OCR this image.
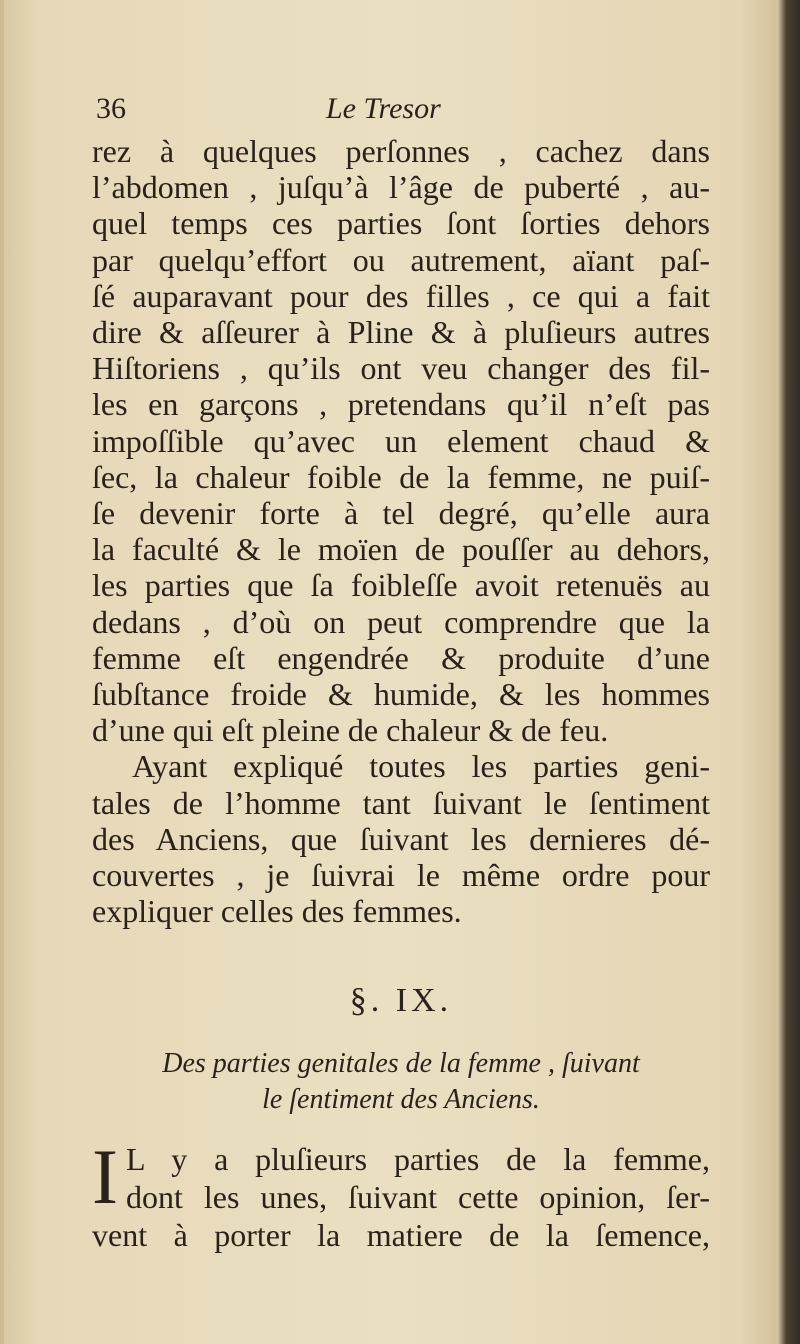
36	Le Tresor
rez à quelques perſonnes , cachez dans
l’abdomen , juſqu’à l’âge de puberté , au-
quel temps ces parties ſont ſorties dehors
par quelqu’effort ou autrement, aïant paſ-
ſé auparavant pour des filles , ce qui a fait
dire & aſſeurer à Pline & à pluſieurs autres
Hiſtoriens , qu’ils ont veu changer des fil-
les en garçons , pretendans qu’il n’eſt pas
impoſſible qu’avec un element chaud &
ſec, la chaleur foible de la femme, ne puiſ-
ſe devenir forte à tel degré, qu’elle aura
la faculté & le moïen de pouſſer au dehors,
les parties que ſa foibleſſe avoit retenuës au
dedans , d’où on peut comprendre que la
femme eſt engendrée & produite d’une
ſubſtance froide & humide, & les hommes
d’une qui eſt pleine de chaleur & de feu.
Ayant expliqué toutes les parties geni-
tales de l’homme tant ſuivant le ſentiment
des Anciens, que ſuivant les dernieres dé-
couvertes , je ſuivrai le même ordre pour
expliquer celles des femmes.
§. IX.
Des parties genitales de la femme , ſuivant
le ſentiment des Anciens.
I L y a pluſieurs parties de la femme,
dont les unes, ſuivant cette opinion, ſer-
vent à porter la matiere de la ſemence,
